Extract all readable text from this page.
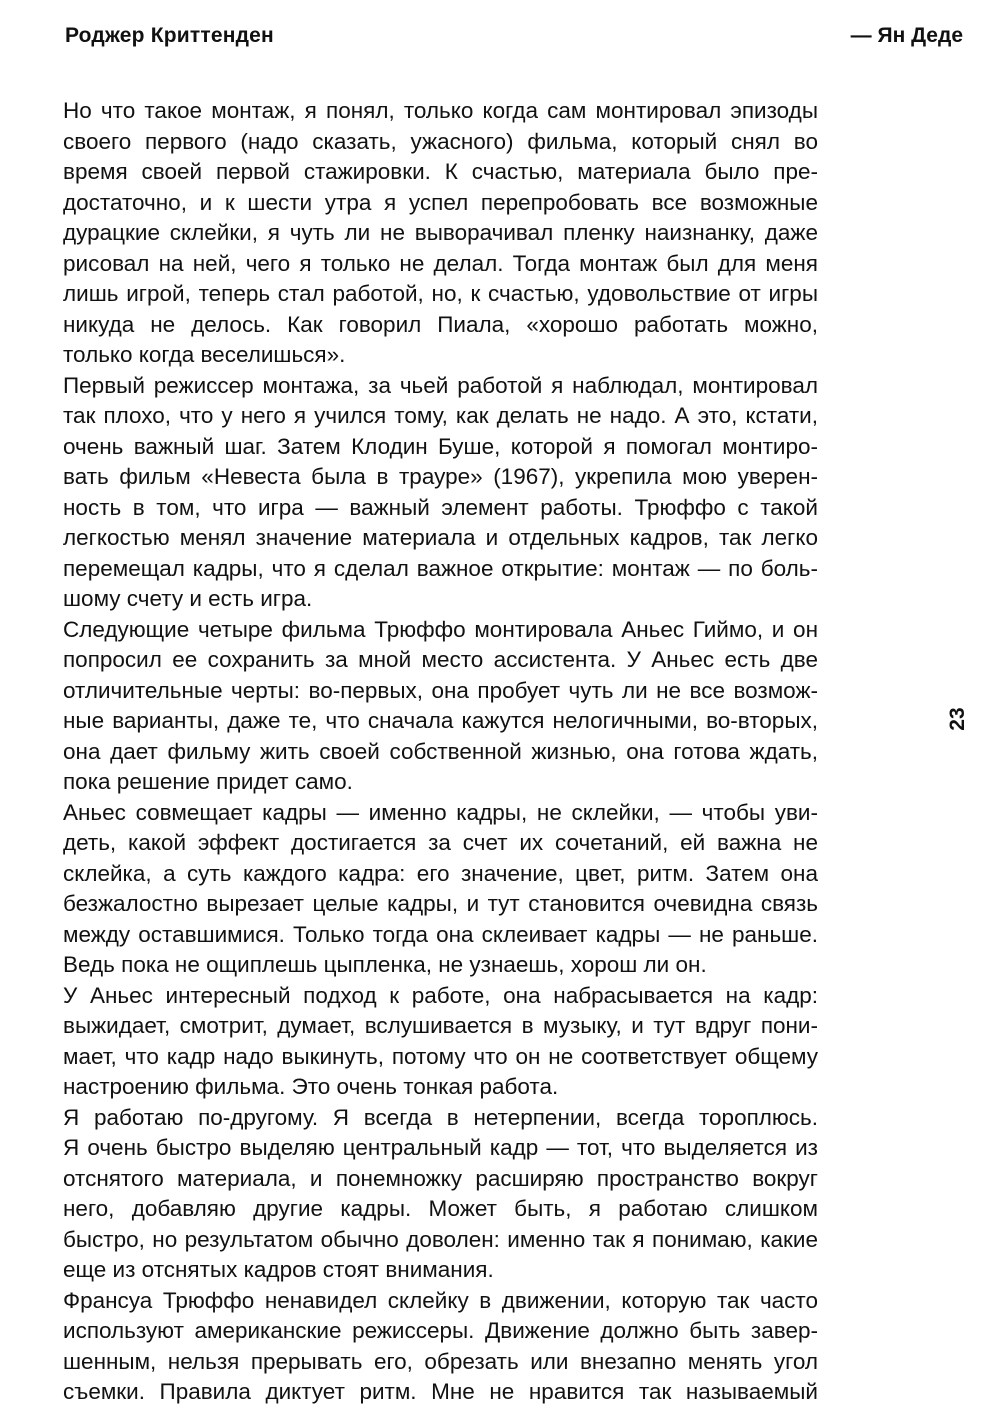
Роджер Криттенден	— Ян Деде
23
Но что такое монтаж, я понял, только когда сам монтировал эпизоды
своего первого (надо сказать, ужасного) фильма, который снял во
время своей первой стажировки. К счастью, материала было пре-
достаточно, и к шести утра я успел перепробовать все возможные
дурацкие склейки, я чуть ли не выворачивал пленку наизнанку, даже
рисовал на ней, чего я только не делал. Тогда монтаж был для меня
лишь игрой, теперь стал работой, но, к счастью, удовольствие от игры
никуда не делось. Как говорил Пиала, «хорошо работать можно,
только когда веселишься».
Первый режиссер монтажа, за чьей работой я наблюдал, монтировал
так плохо, что у него я учился тому, как делать не надо. А это, кстати,
очень важный шаг. Затем Клодин Буше, которой я помогал монтиро-
вать фильм «Невеста была в трауре» (1967), укрепила мою уверен-
ность в том, что игра — важный элемент работы. Трюффо с такой
легкостью менял значение материала и отдельных кадров, так легко
перемещал кадры, что я сделал важное открытие: монтаж — по боль-
шому счету и есть игра.
Следующие четыре фильма Трюффо монтировала Аньес Гиймо, и он
попросил ее сохранить за мной место ассистента. У Аньес есть две
отличительные черты: во-первых, она пробует чуть ли не все возмож-
ные варианты, даже те, что сначала кажутся нелогичными, во-вторых,
она дает фильму жить своей собственной жизнью, она готова ждать,
пока решение придет само.
Аньес совмещает кадры — именно кадры, не склейки, — чтобы уви-
деть, какой эффект достигается за счет их сочетаний, ей важна не
склейка, а суть каждого кадра: его значение, цвет, ритм. Затем она
безжалостно вырезает целые кадры, и тут становится очевидна связь
между оставшимися. Только тогда она склеивает кадры — не раньше.
Ведь пока не ощиплешь цыпленка, не узнаешь, хорош ли он.
У Аньес интересный подход к работе, она набрасывается на кадр:
выжидает, смотрит, думает, вслушивается в музыку, и тут вдруг пони-
мает, что кадр надо выкинуть, потому что он не соответствует общему
настроению фильма. Это очень тонкая работа.
Я работаю по-другому. Я всегда в нетерпении, всегда тороплюсь.
Я очень быстро выделяю центральный кадр — тот, что выделяется из
отснятого материала, и понемножку расширяю пространство вокруг
него, добавляю другие кадры. Может быть, я работаю слишком
быстро, но результатом обычно доволен: именно так я понимаю, какие
еще из отснятых кадров стоят внимания.
Франсуа Трюффо ненавидел склейку в движении, которую так часто
используют американские режиссеры. Движение должно быть завер-
шенным, нельзя прерывать его, обрезать или внезапно менять угол
съемки. Правила диктует ритм. Мне не нравится так называемый
